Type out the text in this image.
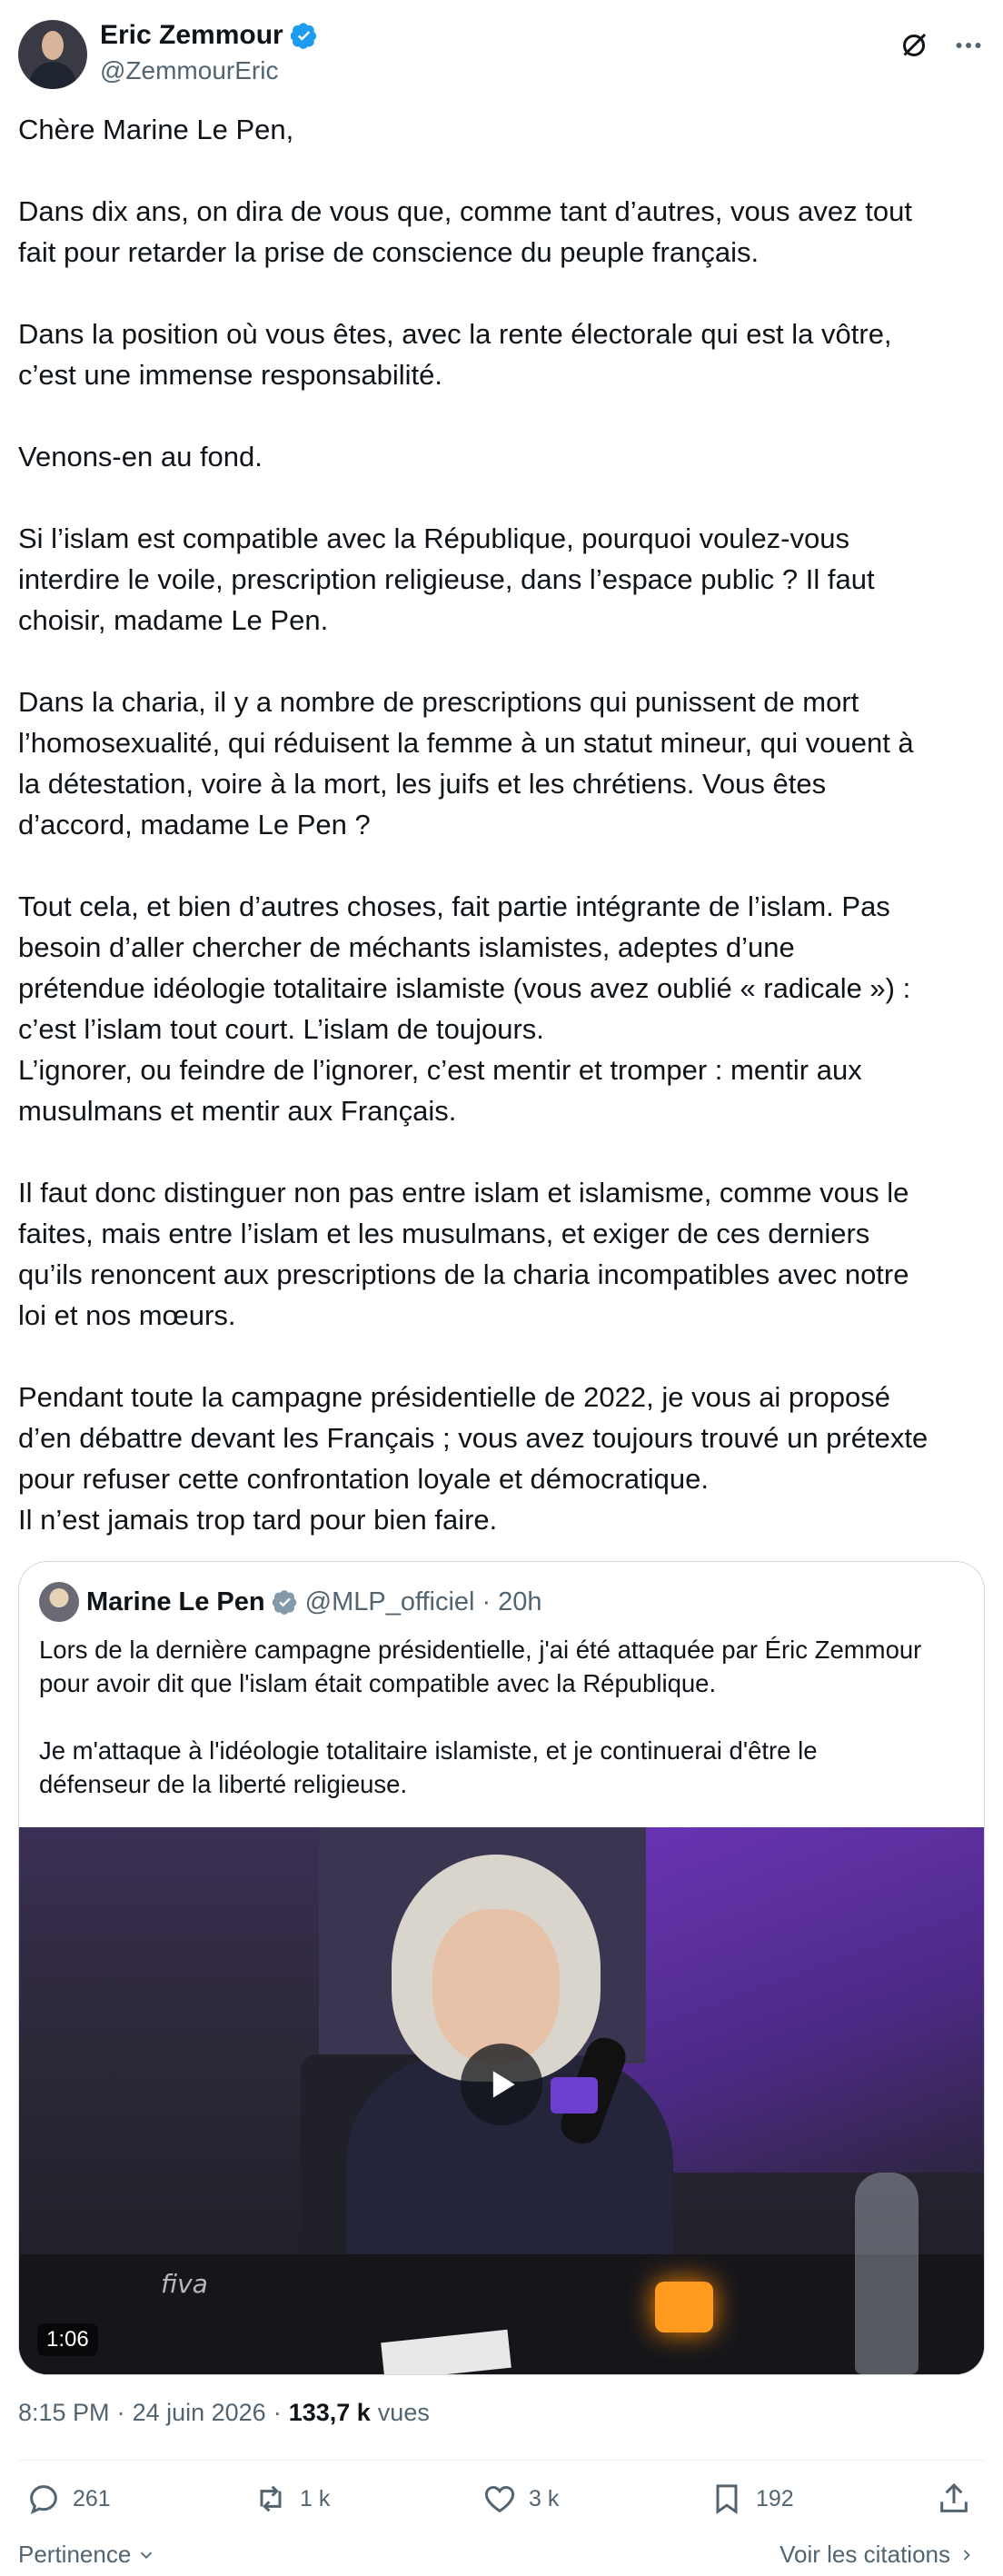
Eric Zemmour
@ZemmourEric

Chère Marine Le Pen,

Dans dix ans, on dira de vous que, comme tant d’autres, vous avez tout
fait pour retarder la prise de conscience du peuple français.

Dans la position où vous êtes, avec la rente électorale qui est la vôtre,
c’est une immense responsabilité.

Venons-en au fond.

Si l’islam est compatible avec la République, pourquoi voulez-vous
interdire le voile, prescription religieuse, dans l’espace public ? Il faut
choisir, madame Le Pen.

Dans la charia, il y a nombre de prescriptions qui punissent de mort
l’homosexualité, qui réduisent la femme à un statut mineur, qui vouent à
la détestation, voire à la mort, les juifs et les chrétiens. Vous êtes
d’accord, madame Le Pen ?

Tout cela, et bien d’autres choses, fait partie intégrante de l’islam. Pas
besoin d’aller chercher de méchants islamistes, adeptes d’une
prétendue idéologie totalitaire islamiste (vous avez oublié « radicale ») :
c’est l’islam tout court. L’islam de toujours.
L’ignorer, ou feindre de l’ignorer, c’est mentir et tromper : mentir aux
musulmans et mentir aux Français.

Il faut donc distinguer non pas entre islam et islamisme, comme vous le
faites, mais entre l’islam et les musulmans, et exiger de ces derniers
qu’ils renoncent aux prescriptions de la charia incompatibles avec notre
loi et nos mœurs.

Pendant toute la campagne présidentielle de 2022, je vous ai proposé
d’en débattre devant les Français ; vous avez toujours trouvé un prétexte
pour refuser cette confrontation loyale et démocratique.
Il n’est jamais trop tard pour bien faire.

Marine Le Pen @MLP_officiel · 20h

Lors de la dernière campagne présidentielle, j'ai été attaquée par Éric Zemmour
pour avoir dit que l'islam était compatible avec la République.

Je m'attaque à l'idéologie totalitaire islamiste, et je continuerai d'être le
défenseur de la liberté religieuse.

fiva
1:06
8:15 PM · 24 juin 2026 · 133,7 k vues
261	1 k	3 k	192
Pertinence	Voir les citations
